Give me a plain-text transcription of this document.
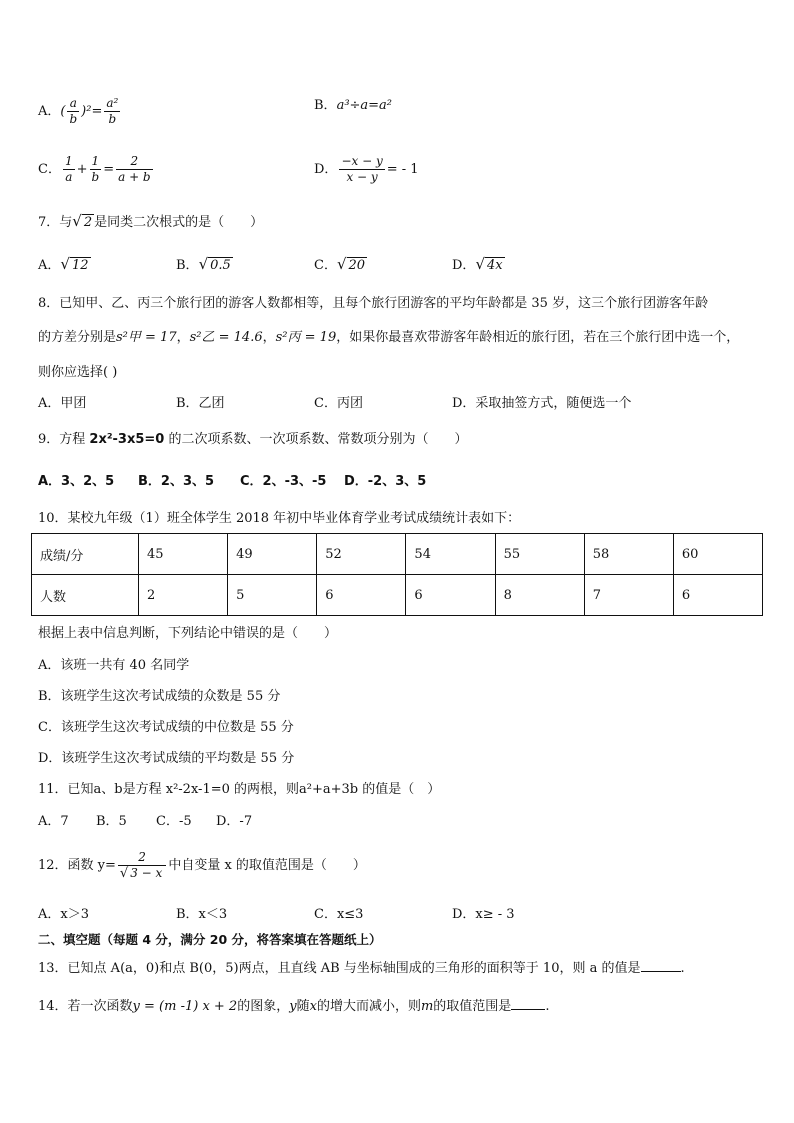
A．( $\frac{a}{b} )^2= \frac{\text{a²}}{b}$	B．a³÷a=a²
C． $\frac{1}{a} + \frac{1}{b} = \frac{2}{a + b}$	D． $\frac{-x - y}{x - y}$ = - 1
7．与√ 2 是同类二次根式的是（　　）
A．√ 12	B．√ 0.5	C．√ 20	D．√ 4x
8．已知甲、乙、丙三个旅行团的游客人数都相等，且每个旅行团游客的平均年龄都是 35 岁，这三个旅行团游客年龄
的方差分别是s²甲 = 17，s²乙 = 14.6，s²丙 = 19，如果你最喜欢带游客年龄相近的旅行团，若在三个旅行团中选一个，
则你应选择( )
A．甲团	B．乙团	C．丙团	D．采取抽签方式，随便选一个
9．方程 2x²-3x5=0 的二次项系数、一次项系数、常数项分别为（　　）
A．3、2、5 B．2、3、5 C．2、-3、-5 D．-2、3、5
10．某校九年级（1）班全体学生 2018 年初中毕业体育学业考试成绩统计表如下：
成绩/分	45	49	52	54	55	58	60
人数	2	5	6	6	8	7	6
根据上表中信息判断，下列结论中错误的是（　　）
A．该班一共有 40 名同学
B．该班学生这次考试成绩的众数是 55 分
C．该班学生这次考试成绩的中位数是 55 分
D．该班学生这次考试成绩的平均数是 55 分
11．已知a、b是方程 x²-2x-1=0 的两根，则a²+a+3b 的值是（　）
A．7 B．5 C．-5 D．-7
12．函数 $y= \frac{2}{√ 3 - x}$ 中自变量 x 的取值范围是（　　）
A．x＞3	B．x＜3	C．x≤3	D．x≥ - 3
二、填空题（每题 4 分，满分 20 分，将答案填在答题纸上）
13．已知点 A(a，0)和点 B(0，5)两点，且直线 AB 与坐标轴围成的三角形的面积等于 10，则 a 的值是	.
14．若一次函数y = (m -1) x + 2的图象，y随x的增大而减小，则m的取值范围是	.
